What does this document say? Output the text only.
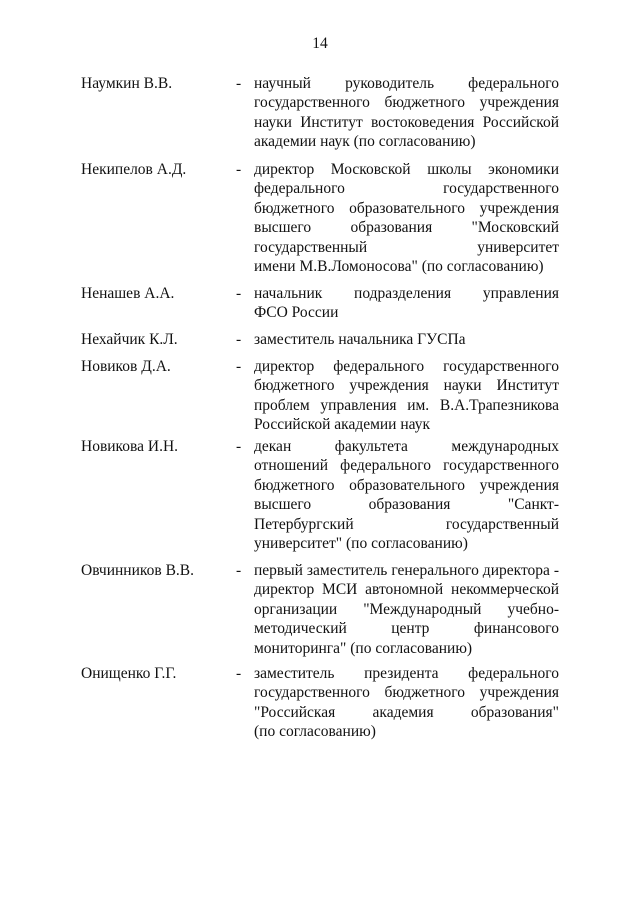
14
Наумкин В.В.	- научный руководитель федерального
государственного бюджетного учреждения
науки Институт востоковедения Российской
академии наук (по согласованию)
Некипелов А.Д.	- директор Московской школы экономики
федерального государственного
бюджетного образовательного учреждения
высшего образования "Московский
государственный университет
имени М.В.Ломоносова" (по согласованию)
Ненашев А.А.	- начальник подразделения управления
ФСО России
Нехайчик К.Л.	- заместитель начальника ГУСПа
Новиков Д.А.	- директор федерального государственного
бюджетного учреждения науки Институт
проблем управления им. В.А.Трапезникова
Российской академии наук
Новикова И.Н.	- декан факультета международных
отношений федерального государственного
бюджетного образовательного учреждения
высшего образования "Санкт-
Петербургский государственный
университет" (по согласованию)
Овчинников В.В.	- первый заместитель генерального директора -
директор МСИ автономной некоммерческой
организации "Международный учебно-
методический центр финансового
мониторинга" (по согласованию)
Онищенко Г.Г.	- заместитель президента федерального
государственного бюджетного учреждения
"Российская академия образования"
(по согласованию)
